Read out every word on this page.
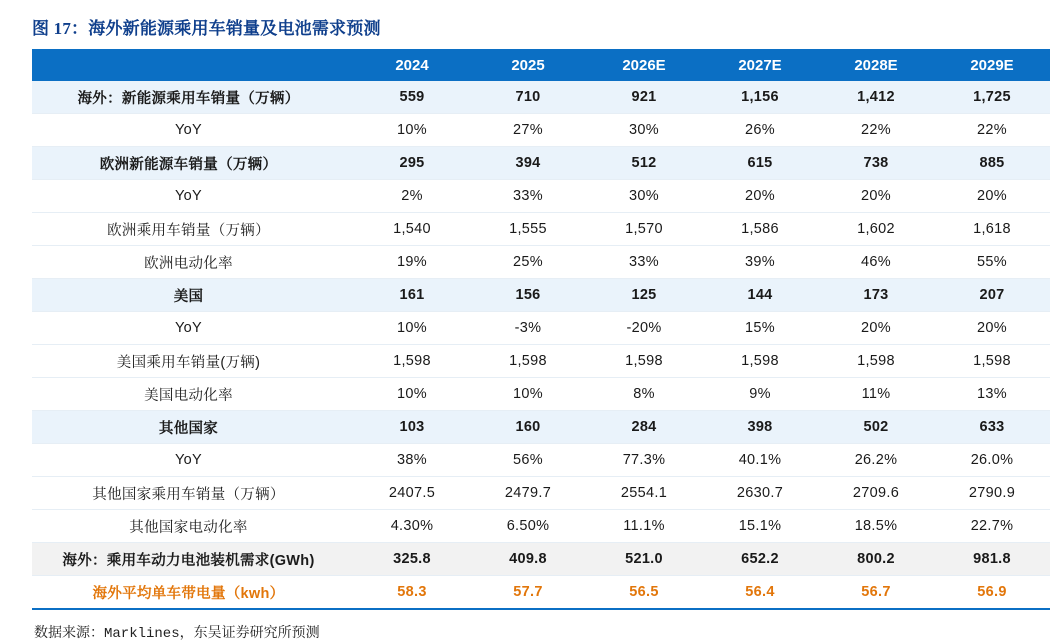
图 17：海外新能源乘用车销量及电池需求预测
	2024	2025	2026E	2027E	2028E	2029E
海外：新能源乘用车销量（万辆）	559	710	921	1,156	1,412	1,725
YoY	10%	27%	30%	26%	22%	22%
欧洲新能源车销量（万辆）	295	394	512	615	738	885
YoY	2%	33%	30%	20%	20%	20%
欧洲乘用车销量（万辆）	1,540	1,555	1,570	1,586	1,602	1,618
欧洲电动化率	19%	25%	33%	39%	46%	55%
美国	161	156	125	144	173	207
YoY	10%	-3%	-20%	15%	20%	20%
美国乘用车销量(万辆)	1,598	1,598	1,598	1,598	1,598	1,598
美国电动化率	10%	10%	8%	9%	11%	13%
其他国家	103	160	284	398	502	633
YoY	38%	56%	77.3%	40.1%	26.2%	26.0%
其他国家乘用车销量（万辆）	2407.5	2479.7	2554.1	2630.7	2709.6	2790.9
其他国家电动化率	4.30%	6.50%	11.1%	15.1%	18.5%	22.7%
海外：乘用车动力电池装机需求(GWh)	325.8	409.8	521.0	652.2	800.2	981.8
海外平均单车带电量（kwh）	58.3	57.7	56.5	56.4	56.7	56.9
数据来源：Marklines，东吴证券研究所预测
